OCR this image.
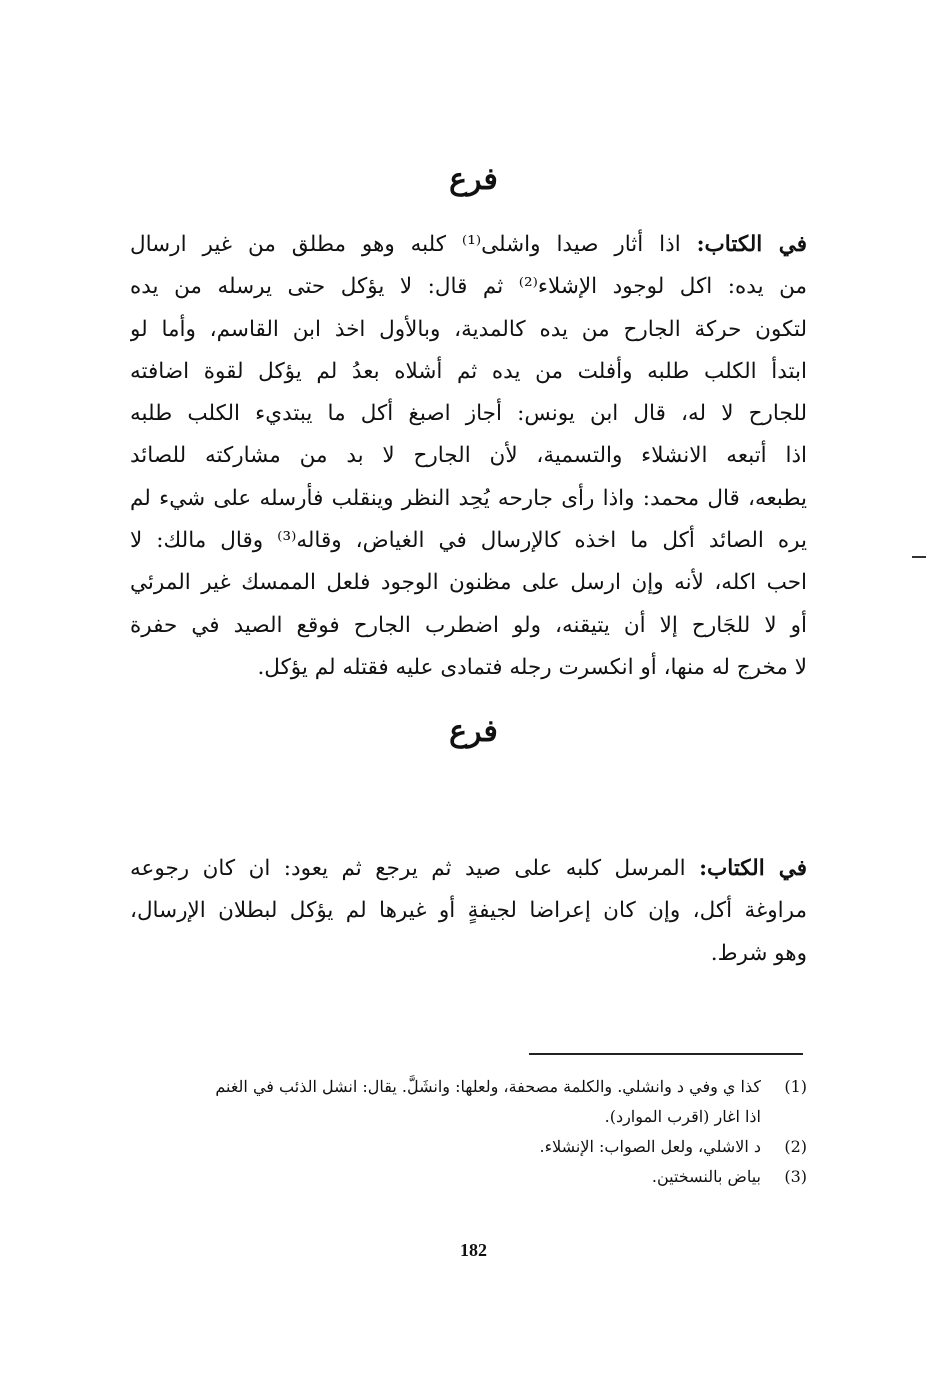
فرع
في الكتاب: اذا أثار صيدا واشلى⁽¹⁾ كلبه وهو مطلق من غير ارسال
من يده: اكل لوجود الإشلاء⁽²⁾ ثم قال: لا يؤكل حتى يرسله من يده
لتكون حركة الجارح من يده كالمدية، وبالأول اخذ ابن القاسم، وأما لو
ابتدأ الكلب طلبه وأفلت من يده ثم أشلاه بعدُ لم يؤكل لقوة اضافته
للجارح لا له، قال ابن يونس: أجاز اصبغ أكل ما يبتديء الكلب طلبه
اذا أتبعه الانشلاء والتسمية، لأن الجارح لا بد من مشاركته للصائد
يطبعه، قال محمد: واذا رأى جارحه يُحِد النظر وينقلب فأرسله على شيء لم
يره الصائد أكل ما اخذه كالإرسال في الغياض، وقاله⁽³⁾ وقال مالك: لا
احب اكله، لأنه وإن ارسل على مظنون الوجود فلعل الممسك غير المرئي
أو لا للجَارح إلا أن يتيقنه، ولو اضطرب الجارح فوقع الصيد في حفرة
لا مخرج له منها، أو انكسرت رجله فتمادى عليه فقتله لم يؤكل.
فرع
في الكتاب: المرسل كلبه على صيد ثم يرجع ثم يعود: ان كان رجوعه
مراوغة أكل، وإن كان إعراضا لجيفةٍ أو غيرها لم يؤكل لبطلان الإرسال،
وهو شرط.
(1)كذا ي وفي د وانشلي. والكلمة مصحفة، ولعلها: وانشَلَّ. يقال: انشل الذئب في الغنم
اذا اغار (اقرب الموارد).
(2)د الاشلي، ولعل الصواب: الإنشلاء.
(3)بياض بالنسختين.
182
